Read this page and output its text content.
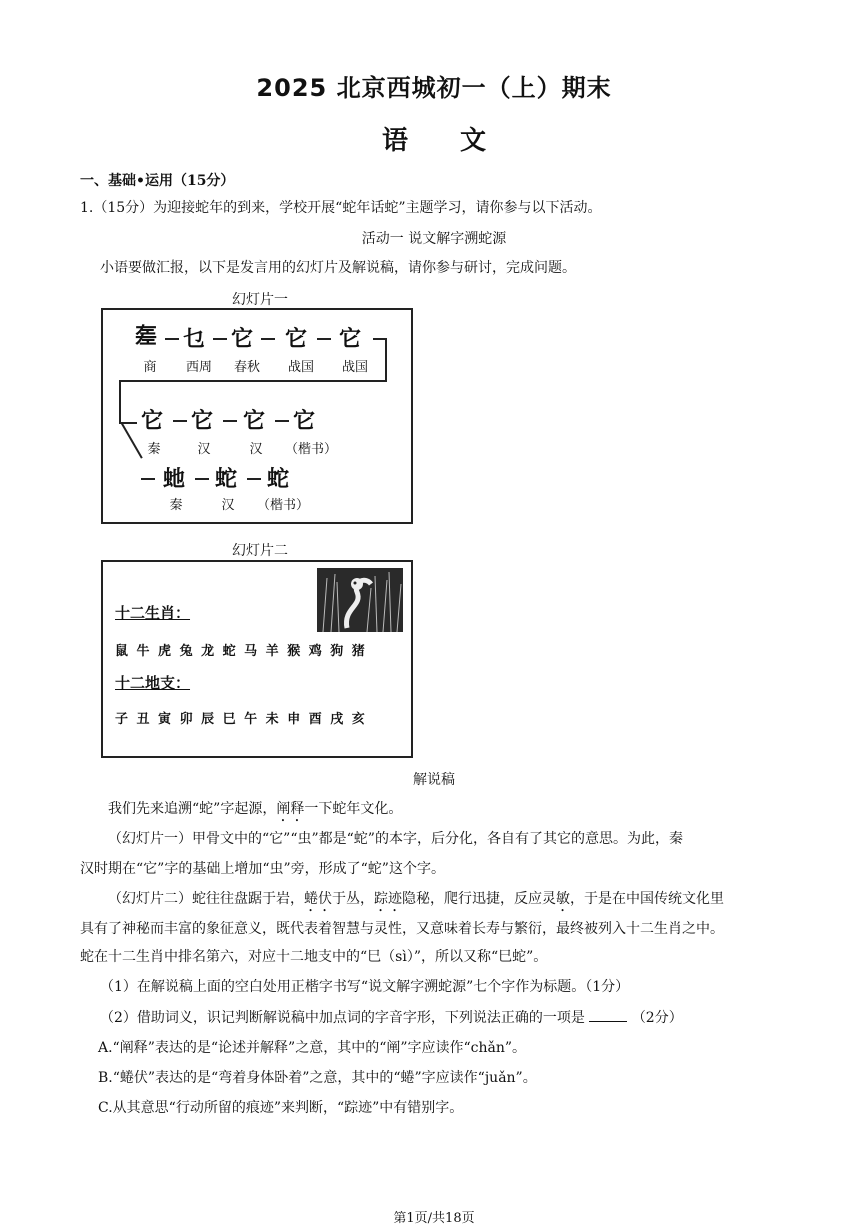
2025 北京西城初一（上）期末
语　　文
一、基础•运用（15分）
1.（15分）为迎接蛇年的到来，学校开展“蛇年话蛇”主题学习，请你参与以下活动。
活动一 说文解字溯蛇源
小语要做汇报，以下是发言用的幻灯片及解说稿，请你参与研讨，完成问题。
幻灯片一
𢀡 乜 它 它 它
商	西周	春秋	战国	战国
它 它 它 它
秦	汉	汉	（楷书）
虵 蛇 蛇
秦	汉	（楷书）
幻灯片二
十二生肖：
鼠 牛 虎 兔 龙 蛇 马 羊 猴 鸡 狗 猪
十二地支：
子 丑 寅 卯 辰 巳 午 未 申 酉 戌 亥
解说稿
我们先来追溯“蛇”字起源，阐释一下蛇年文化。
（幻灯片一）甲骨文中的“它”“虫”都是“蛇”的本字，后分化，各自有了其它的意思。为此，秦
汉时期在“它”字的基础上增加“虫”旁，形成了“蛇”这个字。
（幻灯片二）蛇往往盘踞于岩，蜷伏于丛，踪迹隐秘，爬行迅捷，反应灵敏，于是在中国传统文化里
具有了神秘而丰富的象征意义，既代表着智慧与灵性，又意味着长寿与繁衍，最终被列入十二生肖之中。
蛇在十二生肖中排名第六，对应十二地支中的“巳（sì）”，所以又称“巳蛇”。
（1）在解说稿上面的空白处用正楷字书写“说文解字溯蛇源”七个字作为标题。（1分）
（2）借助词义，识记判断解说稿中加点词的字音字形，下列说法正确的一项是	（2分）
A.“阐释”表达的是“论述并解释”之意，其中的“阐”字应读作“chǎn”。
B.“蜷伏”表达的是“弯着身体卧着”之意，其中的“蜷”字应读作“juǎn”。
C.从其意思“行动所留的痕迹”来判断，“踪迹”中有错别字。
第1页/共18页
